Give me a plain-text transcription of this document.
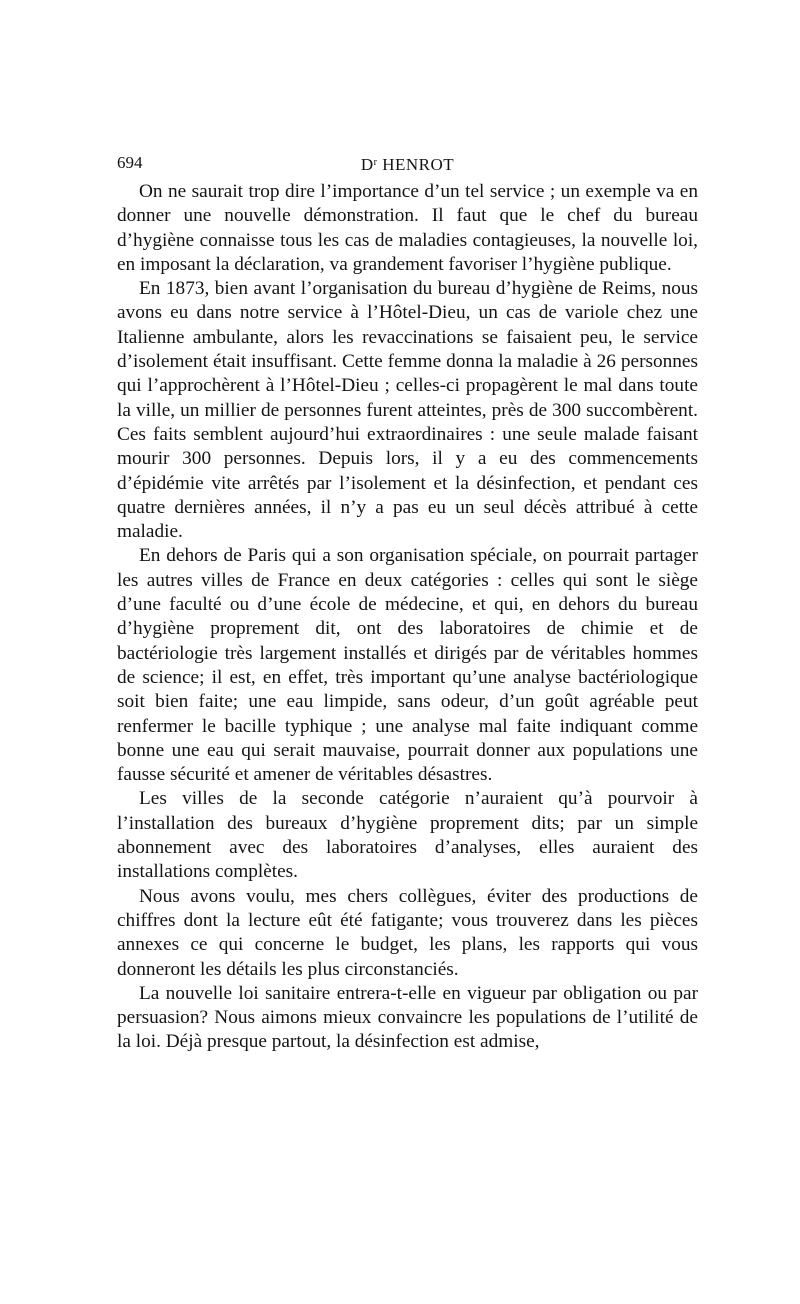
694	$D^r$ HENROT

On ne saurait trop dire l’importance d’un tel service ; un exemple va en donner une nouvelle démonstration. Il faut que le chef du bureau d’hygiène connaisse tous les cas de maladies contagieuses, la nouvelle loi, en imposant la déclaration, va grandement favoriser l’hygiène publique.

En 1873, bien avant l’organisation du bureau d’hygiène de Reims, nous avons eu dans notre service à l’Hôtel-Dieu, un cas de variole chez une Italienne ambulante, alors les revaccinations se faisaient peu, le service d’isolement était insuffisant. Cette femme donna la maladie à 26 personnes qui l’approchèrent à l’Hôtel-Dieu ; celles-ci propagèrent le mal dans toute la ville, un millier de personnes furent atteintes, près de 300 succombèrent. Ces faits semblent aujourd’hui extraordinaires : une seule malade faisant mourir 300 personnes. Depuis lors, il y a eu des commencements d’épidémie vite arrêtés par l’isolement et la désinfection, et pendant ces quatre dernières années, il n’y a pas eu un seul décès attribué à cette maladie.

En dehors de Paris qui a son organisation spéciale, on pourrait partager les autres villes de France en deux catégories : celles qui sont le siège d’une faculté ou d’une école de médecine, et qui, en dehors du bureau d’hygiène proprement dit, ont des laboratoires de chimie et de bactériologie très largement installés et dirigés par de véritables hommes de science; il est, en effet, très important qu’une analyse bactériologique soit bien faite; une eau limpide, sans odeur, d’un goût agréable peut renfermer le bacille typhique ; une analyse mal faite indiquant comme bonne une eau qui serait mauvaise, pourrait donner aux populations une fausse sécurité et amener de véritables désastres.

Les villes de la seconde catégorie n’auraient qu’à pourvoir à l’installation des bureaux d’hygiène proprement dits; par un simple abonnement avec des laboratoires d’analyses, elles auraient des installations complètes.

Nous avons voulu, mes chers collègues, éviter des productions de chiffres dont la lecture eût été fatigante; vous trouverez dans les pièces annexes ce qui concerne le budget, les plans, les rapports qui vous donneront les détails les plus circonstanciés.

La nouvelle loi sanitaire entrera-t-elle en vigueur par obligation ou par persuasion? Nous aimons mieux convaincre les populations de l’utilité de la loi. Déjà presque partout, la désinfection est admise,
